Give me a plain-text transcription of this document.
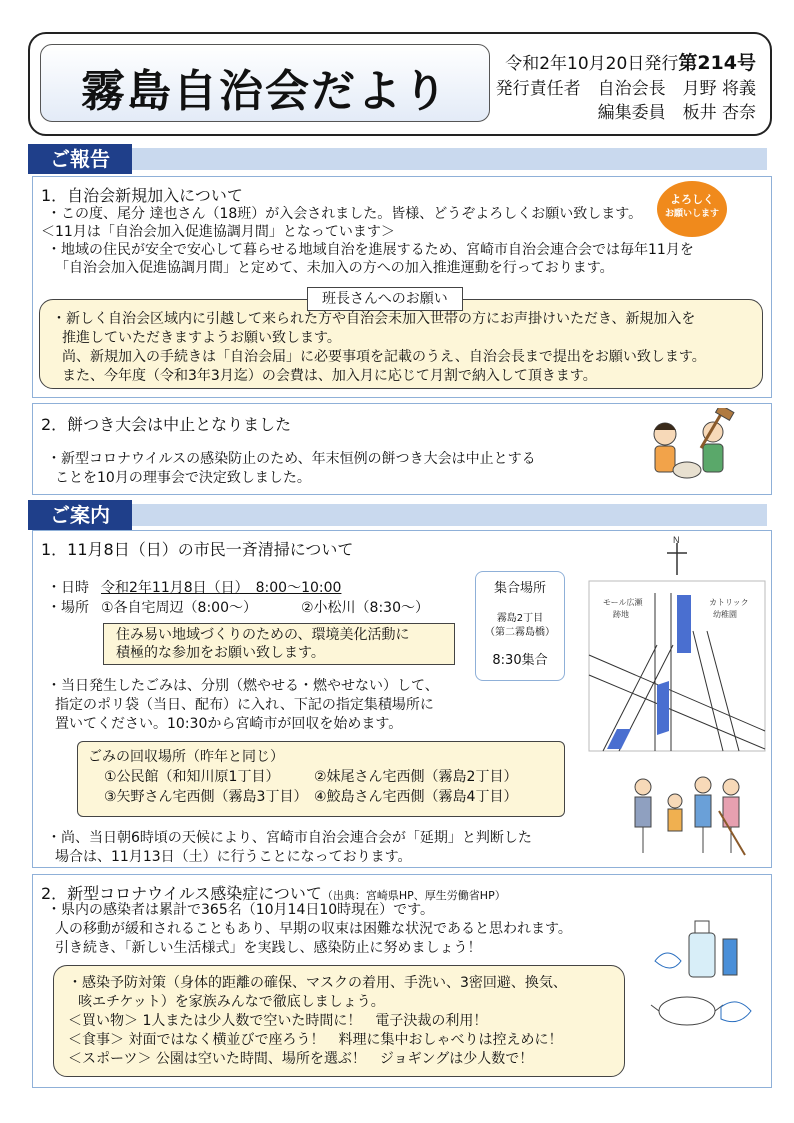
霧島自治会だより
令和2年10月20日発行第214号
発行責任者　自治会長　月野 将義
編集委員　板井 杏奈
ご報告
1．自治会新規加入について
・この度、尾分 達也さん（18班）が入会されました。皆様、どうぞよろしくお願い致します。
＜11月は「自治会加入促進協調月間」となっています＞
・地域の住民が安全で安心して暮らせる地域自治を進展するため、宮崎市自治会連合会では毎年11月を
「自治会加入促進協調月間」と定めて、未加入の方への加入推進運動を行っております。
よろしく
お願いします
・新しく自治会区域内に引越して来られた方や自治会未加入世帯の方にお声掛けいただき、新規加入を
推進していただきますようお願い致します。
尚、新規加入の手続きは「自治会届」に必要事項を記載のうえ、自治会長まで提出をお願い致します。
また、今年度（令和3年3月迄）の会費は、加入月に応じて月割で納入して頂きます。
班長さんへのお願い
2．餅つき大会は中止となりました
・新型コロナウイルスの感染防止のため、年末恒例の餅つき大会は中止とする
ことを10月の理事会で決定致しました。
ご案内
1．11月8日（日）の市民一斉清掃について
・日時 令和2年11月8日（日）　8:00～10:00
・場所 ①各自宅周辺（8:00～）	②小松川（8:30～）
住み易い地域づくりのための、環境美化活動に
積極的な参加をお願い致します。
・当日発生したごみは、分別（燃やせる・燃やせない）して、
指定のポリ袋（当日、配布）に入れ、下記の指定集積場所に
置いてください。10:30から宮崎市が回収を始めます。
ごみの回収場所（昨年と同じ）
①公民館（和知川原1丁目） ②妹尾さん宅西側（霧島2丁目）
③矢野さん宅西側（霧島3丁目） ④鮫島さん宅西側（霧島4丁目）
・尚、当日朝6時頃の天候により、宮崎市自治会連合会が「延期」と判断した
場合は、11月13日（土）に行うことになっております。
集合場所
霧島2丁目
（第二霧島橋）
8:30集合
N
モール広瀬
跡地
カトリック
幼稚園
2．新型コロナウイルス感染症について（出典：宮崎県HP、厚生労働省HP）
・県内の感染者は累計で365名（10月14日10時現在）です。
人の移動が緩和されることもあり、早期の収束は困難な状況であると思われます。
引き続き、「新しい生活様式」を実践し、感染防止に努めましょう！
・感染予防対策（身体的距離の確保、マスクの着用、手洗い、3密回避、換気、
咳エチケット）を家族みんなで徹底しましょう。
＜買い物＞ 1人または少人数で空いた時間に！　電子決裁の利用！
＜食事＞ 対面ではなく横並びで座ろう！　料理に集中おしゃべりは控えめに！
＜スポーツ＞ 公園は空いた時間、場所を選ぶ！　ジョギングは少人数で！
